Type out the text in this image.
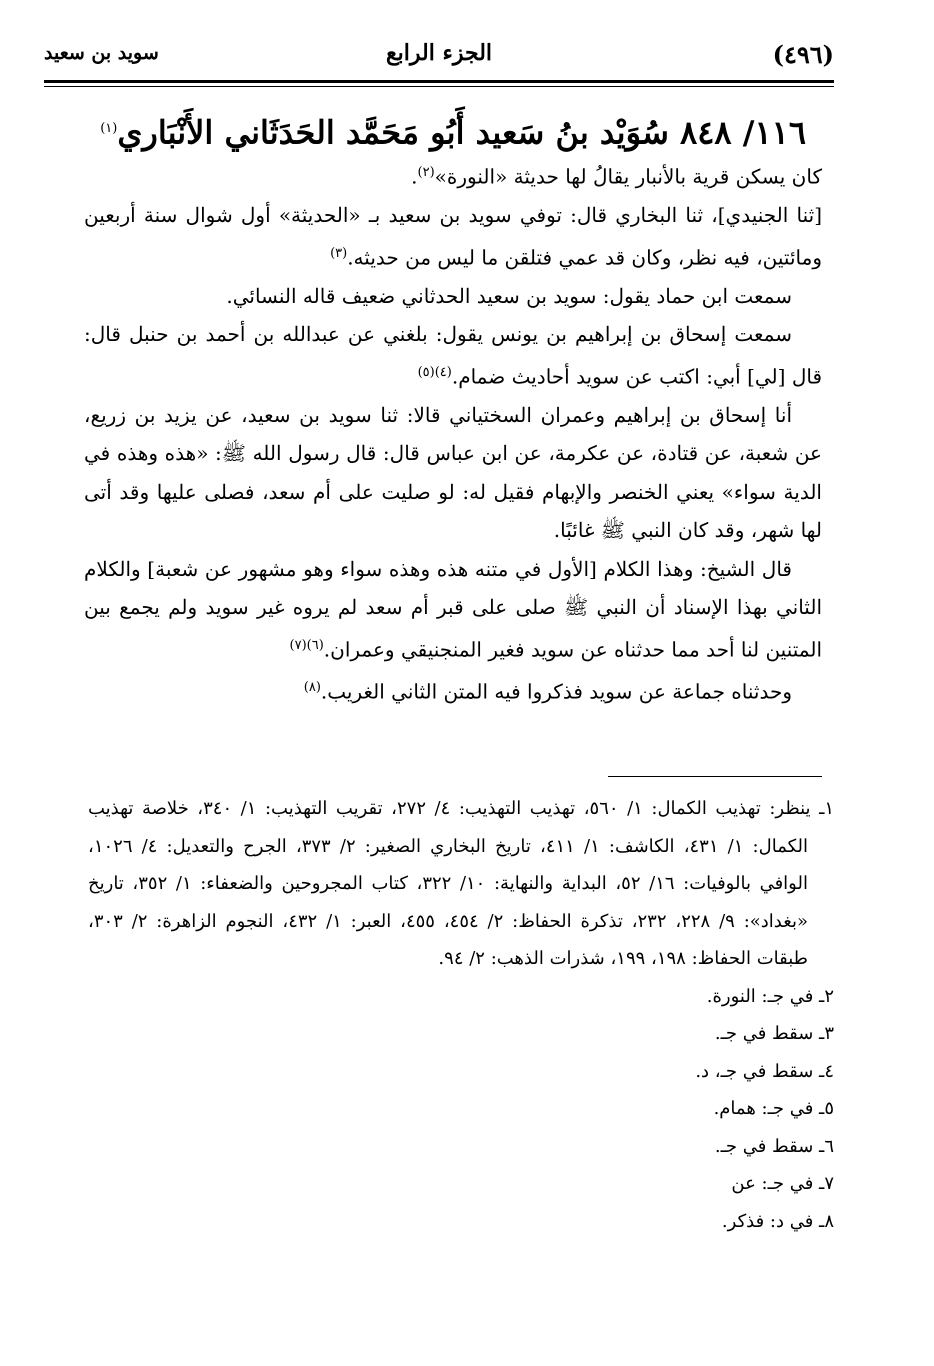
(٤٩٦)
الجزء الرابع
سويد بن سعيد
١١٦/ ٨٤٨ سُوَيْد بنُ سَعيد أَبُو مَحَمَّد الحَدَثَاني الأَنْبَاري$^{(١)}$

كان يسكن قرية بالأنبار يقالُ لها حديثة «النورة»$^{(٢)}$.

[ثنا الجنيدي]، ثنا البخاري قال: توفي سويد بن سعيد بـ «الحديثة» أول شوال سنة أربعين ومائتين، فيه نظر، وكان قد عمي فتلقن ما ليس من حديثه.$^{(٣)}$

سمعت ابن حماد يقول: سويد بن سعيد الحدثاني ضعيف قاله النسائي.

سمعت إسحاق بن إبراهيم بن يونس يقول: بلغني عن عبدالله بن أحمد بن حنبل قال: قال [لي] أبي: اكتب عن سويد أحاديث ضمام.$^{(٤)(٥)}$

أنا إسحاق بن إبراهيم وعمران السختياني قالا: ثنا سويد بن سعيد، عن يزيد بن زريع، عن شعبة، عن قتادة، عن عكرمة، عن ابن عباس قال: قال رسول الله ﷺ: «هذه وهذه في الدية سواء» يعني الخنصر والإبهام فقيل له: لو صليت على أم سعد، فصلى عليها وقد أتى لها شهر، وقد كان النبي ﷺ غائبًا.

قال الشيخ: وهذا الكلام [الأول في متنه هذه وهذه سواء وهو مشهور عن شعبة] والكلام الثاني بهذا الإسناد أن النبي ﷺ صلى على قبر أم سعد لم يروه غير سويد ولم يجمع بين المتنين لنا أحد مما حدثناه عن سويد فغير المنجنيقي وعمران.$^{(٦)(٧)}$

وحدثناه جماعة عن سويد فذكروا فيه المتن الثاني الغريب.$^{(٨)}$

١ـ ينظر: تهذيب الكمال: ١/ ٥٦٠، تهذيب التهذيب: ٤/ ٢٧٢، تقريب التهذيب: ١/ ٣٤٠، خلاصة تهذيب الكمال: ١/ ٤٣١، الكاشف: ١/ ٤١١، تاريخ البخاري الصغير: ٢/ ٣٧٣، الجرح والتعديل: ٤/ ١٠٢٦، الوافي بالوفيات: ١٦/ ٥٢، البداية والنهاية: ١٠/ ٣٢٢، كتاب المجروحين والضعفاء: ١/ ٣٥٢، تاريخ «بغداد»: ٩/ ٢٢٨، ٢٣٢، تذكرة الحفاظ: ٢/ ٤٥٤، ٤٥٥، العبر: ١/ ٤٣٢، النجوم الزاهرة: ٢/ ٣٠٣، طبقات الحفاظ: ١٩٨، ١٩٩، شذرات الذهب: ٢/ ٩٤.

٢ـ في جـ: النورة.

٣ـ سقط في جـ.

٤ـ سقط في جـ، د.

٥ـ في جـ: همام.

٦ـ سقط في جـ.

٧ـ في جـ: عن

٨ـ في د: فذكر.
